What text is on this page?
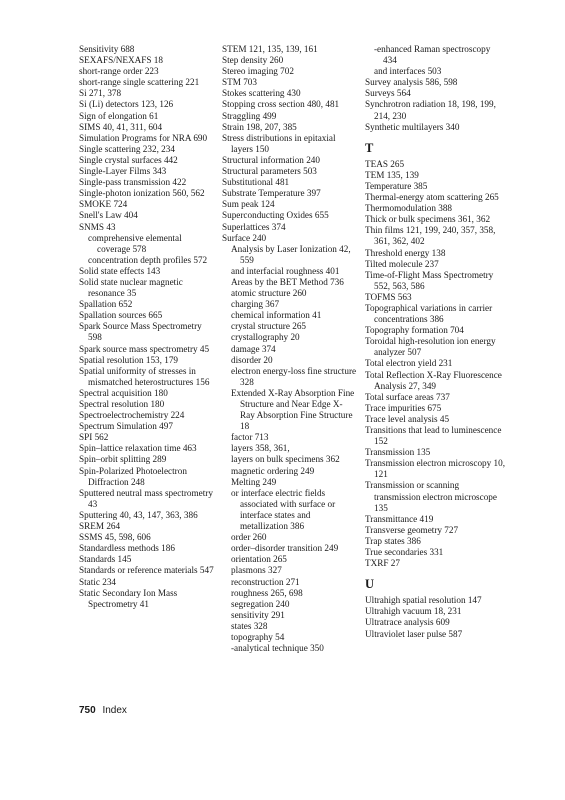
Sensitivity 688
SEXAFS/NEXAFS 18
short-range order 223
short-range single scattering 221
Si 271, 378
Si (Li) detectors 123, 126
Sign of elongation 61
SIMS 40, 41, 311, 604
Simulation Programs for NRA 690
Single scattering 232, 234
Single crystal surfaces 442
Single-Layer Films 343
Single-pass transmission 422
Single-photon ionization 560, 562
SMOKE 724
Snell's Law 404
SNMS 43
comprehensive elemental coverage 578
concentration depth profiles 572
Solid state effects 143
Solid state nuclear magnetic resonance 35
Spallation 652
Spallation sources 665
Spark Source Mass Spectrometry 598
Spark source mass spectrometry 45
Spatial resolution 153, 179
Spatial uniformity of stresses in mismatched heterostructures 156
Spectral acquisition 180
Spectral resolution 180
Spectroelectrochemistry 224
Spectrum Simulation 497
SPI 562
Spin–lattice relaxation time 463
Spin–orbit splitting 289
Spin-Polarized Photoelectron Diffraction 248
Sputtered neutral mass spectrometry 43
Sputtering 40, 43, 147, 363, 386
SREM 264
SSMS 45, 598, 606
Standardless methods 186
Standards 145
Standards or reference materials 547
Static 234
Static Secondary Ion Mass Spectrometry 41
STEM 121, 135, 139, 161
Step density 260
Stereo imaging 702
STM 703
Stokes scattering 430
Stopping cross section 480, 481
Straggling 499
Strain 198, 207, 385
Stress distributions in epitaxial layers 150
Structural information 240
Structural parameters 503
Substitutional 481
Substrate Temperature 397
Sum peak 124
Superconducting Oxides 655
Superlattices 374
Surface 240
Analysis by Laser Ionization 42, 559
and interfacial roughness 401
Areas by the BET Method 736
atomic structure 260
charging 367
chemical information 41
crystal structure 265
crystallography 20
damage 374
disorder 20
electron energy-loss fine structure 328
Extended X-Ray Absorption Fine Structure and Near Edge X-Ray Absorption Fine Structure 18
factor 713
layers 358, 361,
layers on bulk specimens 362
magnetic ordering 249
Melting 249
or interface electric fields associated with surface or interface states and metallization 386
order 260
order–disorder transition 249
orientation 265
plasmons 327
reconstruction 271
roughness 265, 698
segregation 240
sensitivity 291
states 328
topography 54
-analytical technique 350
-enhanced Raman spectroscopy 434
and interfaces 503
Survey analysis 586, 598
Surveys 564
Synchrotron radiation 18, 198, 199, 214, 230
Synthetic multilayers 340
T
TEAS 265
TEM 135, 139
Temperature 385
Thermal-energy atom scattering 265
Thermomodulation 388
Thick or bulk specimens 361, 362
Thin films 121, 199, 240, 357, 358, 361, 362, 402
Threshold energy 138
Tilted molecule 237
Time-of-Flight Mass Spectrometry 552, 563, 586
TOFMS 563
Topographical variations in carrier concentrations 386
Topography formation 704
Toroidal high-resolution ion energy analyzer 507
Total electron yield 231
Total Reflection X-Ray Fluorescence Analysis 27, 349
Total surface areas 737
Trace impurities 675
Trace level analysis 45
Transitions that lead to luminescence 152
Transmission 135
Transmission electron microscopy 10, 121
Transmission or scanning transmission electron microscope 135
Transmittance 419
Transverse geometry 727
Trap states 386
True secondaries 331
TXRF 27
U
Ultrahigh spatial resolution 147
Ultrahigh vacuum 18, 231
Ultratrace analysis 609
Ultraviolet laser pulse 587
750 Index
